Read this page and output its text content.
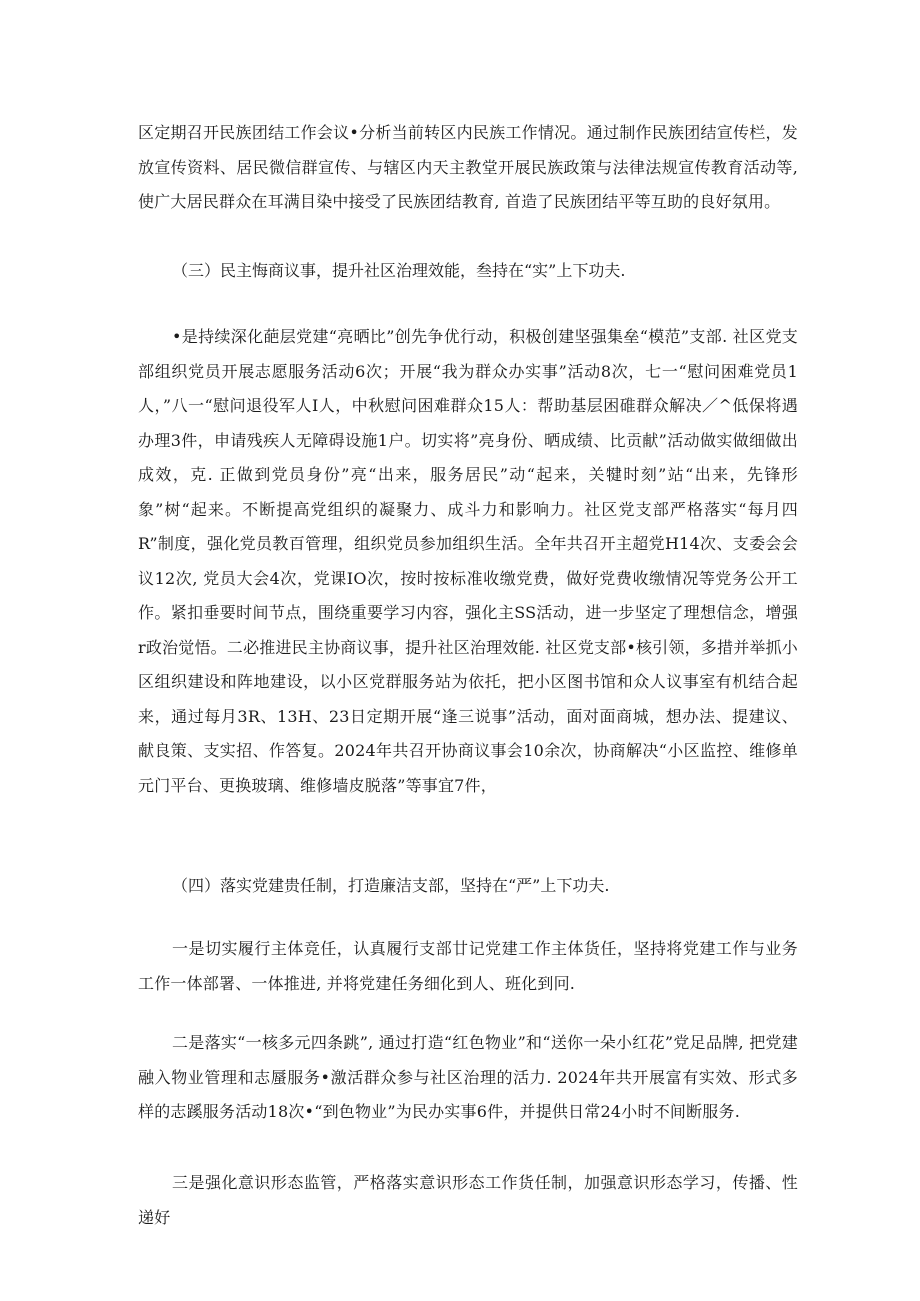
区定期召开民族团结工作会议•分析当前转区内民族工作情况。通过制作民族团结宣传栏，发放宣传资料、居民微信群宣传、与辖区内天主教堂开展民族政策与法律法规宣传教育活动等, 使广大居民群众在耳满目染中接受了民族团结教育, 首造了民族团结平等互助的良好氛用。

（三）民主悔商议事，提升社区治理效能，叁持在“实”上下功夫.

•是持续深化葩层党建“亮晒比”创先争优行动，积极创建坚强集垒“模范”支部. 社区党支部组织党员开展志愿服务活动6次；开展“我为群众办实事”活动8次，七一“慰问困难党员1人，”八一“慰问退役军人I人，中秋慰问困难群众15人：帮助基层困碓群众解决／^低保将遇办理3件，申请残疾人无障碍设施1户。切实将”亮身份、晒成绩、比贡献”活动做实做细做出成效，克. 正做到党员身份”亮“出来，服务居民”动“起来，关犍时刻”站“出来，先锋形象”树“起来。不断提高党组织的凝聚力、成斗力和影响力。社区党支部严格落实“每月四R”制度，强化党员教百管理，组织党员参加组织生活。全年共召开主超党H14次、支委会会议12次, 党员大会4次，党课IO次，按时按标准收缴党费，做好党费收缴情况等党务公开工作。紧扣垂要时间节点，围绕重要学习内容，强化主SS活动，进一步坚定了理想信念，增强r政治觉悟。二必推进民主协商议事，提升社区治理效能. 社区党支部•核引领，多措并举抓小区组织建设和阵地建设，以小区党群服务站为依托，把小区图书馆和众人议事室有机结合起来，通过每月3R、13H、23日定期开展“逢三说事”活动，面对面商城，想办法、提建议、献良策、支实招、作答复。2024年共召开协商议事会10余次，协商解决“小区监控、维修单元门平台、更换玻璃、维修墙皮脱落”等事宜7件，

（四）落实党建贵任制，打造廉洁支部，坚持在“严”上下功夫.

一是切实履行主体竞任，认真履行支部廿记党建工作主体货任，坚持将党建工作与业务工作一体部署、一体推进, 并将党建任务细化到人、班化到冋.

二是落实“一核多元四条跳”, 通过打造“红色物业”和“送你一朵小红花”党足品牌, 把党建融入物业管理和志蜃服务•激活群众参与社区治理的活力. 2024年共开展富有实效、形式多样的志蹊服务活动18次•“到色物业”为民办实事6件，并提供日常24小时不间断服务.

三是强化意识形态监管，严格落实意识形态工作货任制，加强意识形态学习，传播、性递好
